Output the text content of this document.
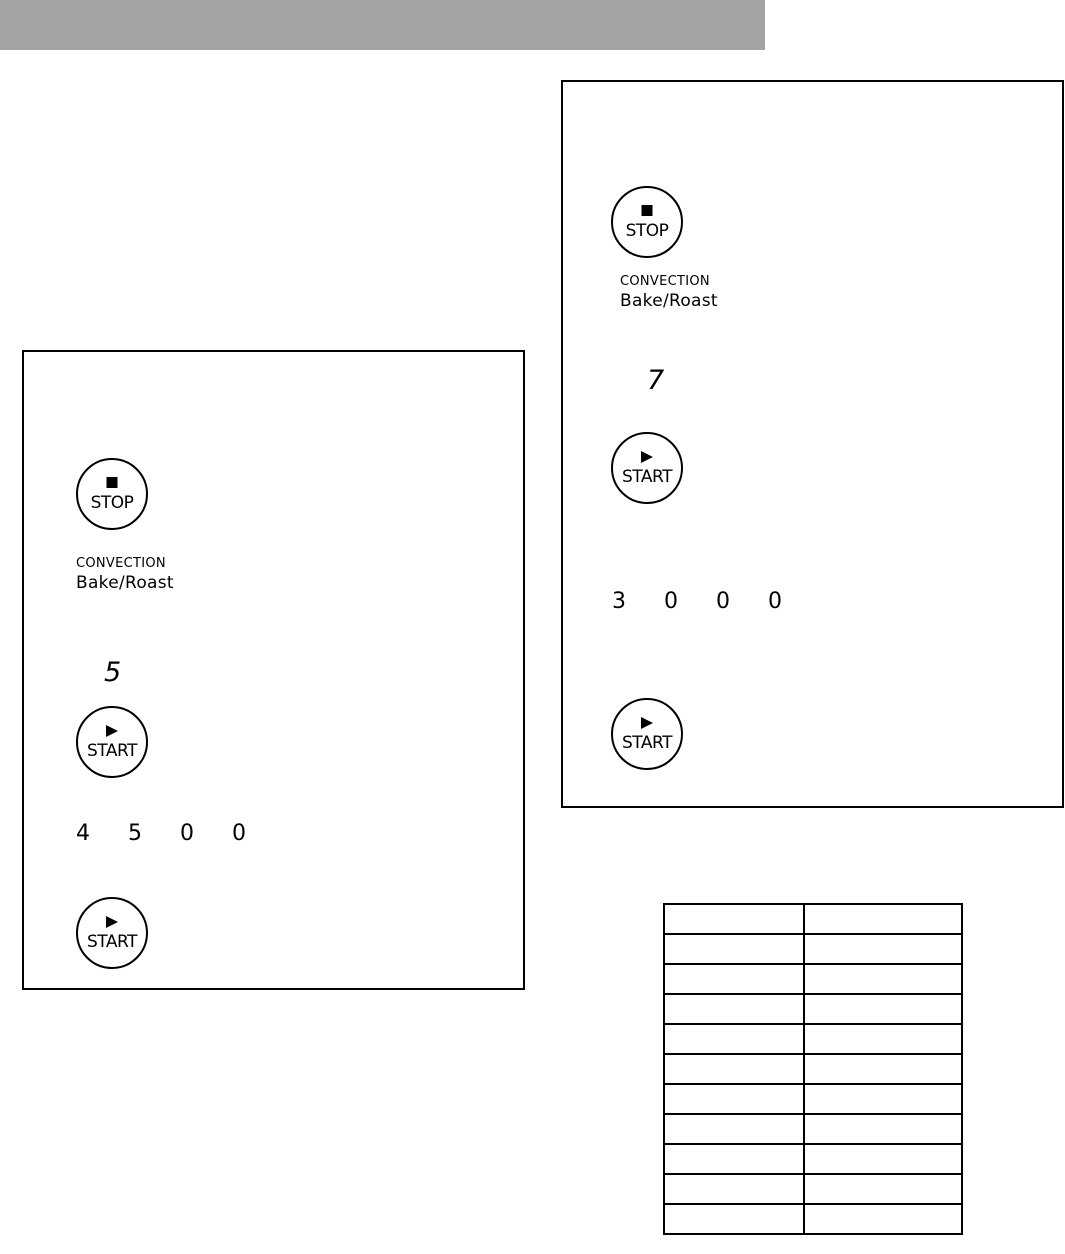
STOP
CONVECTION
Bake/Roast
5
START
4 5 0 0
START
STOP
CONVECTION
Bake/Roast
7
START
3 0 0 0
START
